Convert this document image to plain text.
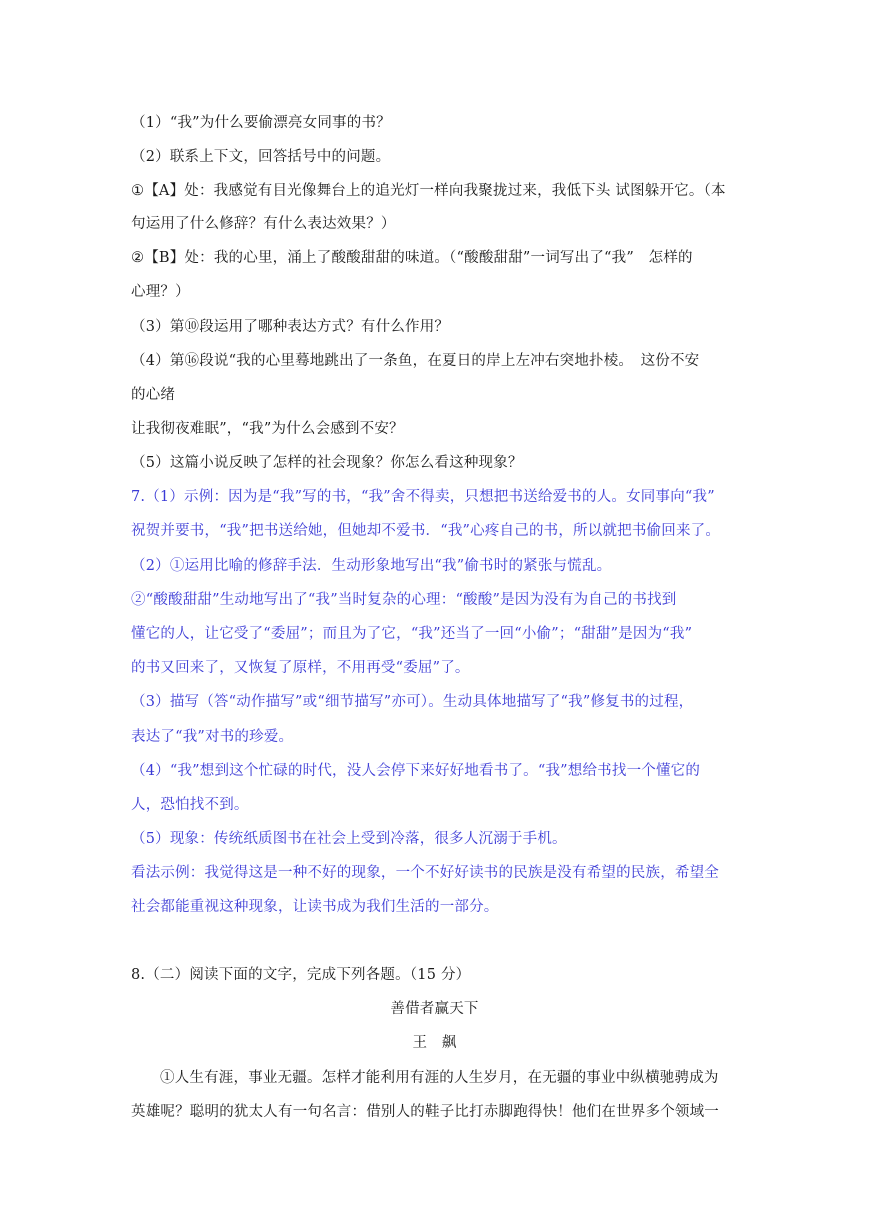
（1）“我”为什么要偷漂亮女同事的书？
（2）联系上下文，回答括号中的问题。
①【A】处：我感觉有目光像舞台上的追光灯一样向我聚拢过来，我低下头 试图躲开它。（本
句运用了什么修辞？有什么表达效果？）
②【B】处：我的心里，涌上了酸酸甜甜的味道。（“酸酸甜甜”一词写出了“我”　怎样的
心理？）
（3）第⑩段运用了哪种表达方式？有什么作用？
（4）第⑯段说“我的心里蓦地跳出了一条鱼，在夏日的岸上左冲右突地扑棱。　这份不安
的心绪
让我彻夜难眠”，“我”为什么会感到不安？
（5）这篇小说反映了怎样的社会现象？你怎么看这种现象？
7.（1）示例：因为是“我”写的书，“我”舍不得卖，只想把书送给爱书的人。女同事向“我”
祝贺并要书，“我”把书送给她，但她却不爱书．“我”心疼自己的书，所以就把书偷回来了。
（2）①运用比喻的修辞手法．生动形象地写出“我”偷书时的紧张与慌乱。
②“酸酸甜甜”生动地写出了“我”当时复杂的心理：“酸酸”是因为没有为自己的书找到
懂它的人，让它受了“委屈”；而且为了它，“我”还当了一回“小偷”；“甜甜”是因为“我”
的书又回来了，又恢复了原样，不用再受“委屈”了。
（3）描写（答“动作描写”或“细节描写”亦可）。生动具体地描写了“我”修复书的过程，
表达了“我”对书的珍爱。
（4）“我”想到这个忙碌的时代，没人会停下来好好地看书了。“我”想给书找一个懂它的
人，恐怕找不到。
（5）现象：传统纸质图书在社会上受到冷落，很多人沉溺于手机。
看法示例：我觉得这是一种不好的现象，一个不好好读书的民族是没有希望的民族，希望全
社会都能重视这种现象，让读书成为我们生活的一部分。
8.（二）阅读下面的文字，完成下列各题。（15 分）
善借者赢天下
王　飙
①人生有涯，事业无疆。怎样才能利用有涯的人生岁月，在无疆的事业中纵横驰骋成为
英雄呢？聪明的犹太人有一句名言：借别人的鞋子比打赤脚跑得快！他们在世界多个领域一
